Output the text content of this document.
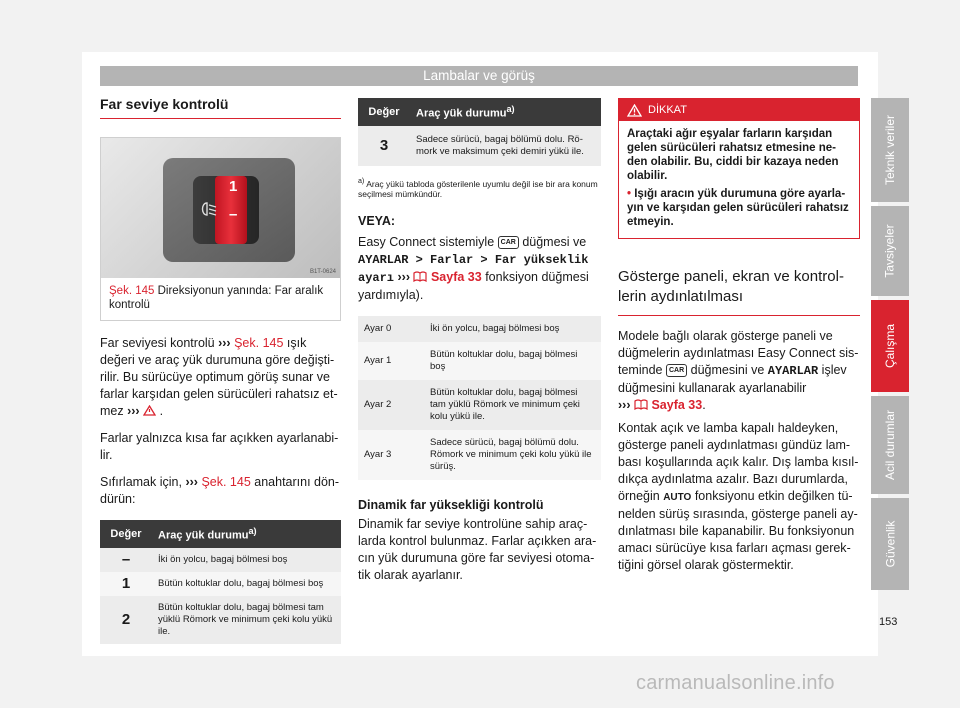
Lambalar ve görüş
Far seviye kontrolü
1
–
B1T-0624
Şek. 145 Direksiyonun yanında: Far aralık kontrolü

Far seviyesi kontrolü ››› Şek. 145 ışık değeri ve araç yük durumuna göre değiştirilir. Bu sürücüye optimum görüş sunar ve farlar karşıdan gelen sürücüleri rahatsız etmez ››› .

Farlar yalnızca kısa far açıkken ayarlanabilir.

Sıfırlamak için, ››› Şek. 145 anahtarını döndürün:

Değer	Araç yük durumu$^{a)}$
–	İki ön yolcu, bagaj bölmesi boş
1	Bütün koltuklar dolu, bagaj bölmesi boş
2	Bütün koltuklar dolu, bagaj bölmesi tam yüklü Römork ve minimum çeki kolu yükü ile.
Değer	Araç yük durumu$^{a)}$
3	Sadece sürücü, bagaj bölümü dolu. Römork ve maksimum çeki demiri yükü ile.

$^{a)}$ Araç yükü tabloda gösterilenle uyumlu değil ise bir ara konum seçilmesi mümkündür.

VEYA:

Easy Connect sistemiyle CAR düğmesi ve AYARLAR > Farlar > Far yükseklik ayarı ››› Sayfa 33 fonksiyon düğmesi yardımıyla).

Ayar 0	İki ön yolcu, bagaj bölmesi boş
Ayar 1	Bütün koltuklar dolu, bagaj bölmesi boş
Ayar 2	Bütün koltuklar dolu, bagaj bölmesi tam yüklü Römork ve minimum çeki kolu yükü ile.
Ayar 3	Sadece sürücü, bagaj bölümü dolu. Römork ve minimum çeki kolu yükü ile sürüş.

Dinamik far yüksekliği kontrolü

Dinamik far seviye kontrolüne sahip araçlarda kontrol bulunmaz. Farlar açıkken aracın yük durumuna göre far seviyesi otomatik olarak ayarlanır.

DİKKAT

Araçtaki ağır eşyalar farların karşıdan gelen sürücüleri rahatsız etmesine neden olabilir. Bu, ciddi bir kazaya neden olabilir.

• Işığı aracın yük durumuna göre ayarlayın ve karşıdan gelen sürücüleri rahatsız etmeyin.

Gösterge paneli, ekran ve kontrollerin aydınlatılması

Modele bağlı olarak gösterge paneli ve düğmelerin aydınlatması Easy Connect sisteminde CAR düğmesini ve AYARLAR işlev düğmesini kullanarak ayarlanabilir
››› Sayfa 33.

Kontak açık ve lamba kapalı haldeyken, gösterge paneli aydınlatması gündüz lambası koşullarında açık kalır. Dış lamba kısıldıkça aydınlatma azalır. Bazı durumlarda, örneğin AUTO fonksiyonu etkin değilken tünelden sürüş sırasında, gösterge paneli aydınlatması bile kapanabilir. Bu fonksiyonun amacı sürücüye kısa farları açması gerektiğini görsel olarak göstermektir.

Teknik veriler
Tavsiyeler
Çalışma
Acil durumlar
Güvenlik
153
carmanualsonline.info
